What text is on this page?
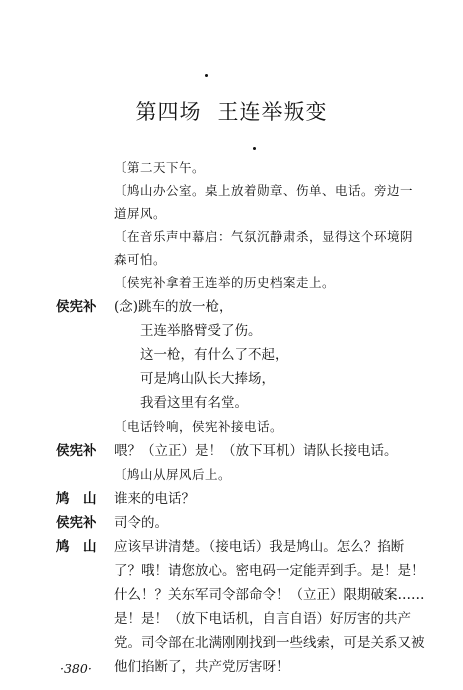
第四场 王连举叛变
〔第二天下午。
〔鸠山办公室。桌上放着勋章、伤单、电话。旁边一
道屏风。
〔在音乐声中幕启：气氛沉静肃杀，显得这个环境阴
森可怕。
〔侯宪补拿着王连举的历史档案走上。
侯宪补 (念)跳车的放一枪，
王连举胳臂受了伤。
这一枪，有什么了不起，
可是鸠山队长大捧场，
我看这里有名堂。
〔电话铃响，侯宪补接电话。
侯宪补 喂？（立正）是！（放下耳机）请队长接电话。
〔鸠山从屏风后上。
鸠　山 谁来的电话？
侯宪补 司令的。
鸠　山 应该早讲清楚。（接电话）我是鸠山。怎么？掐断
了？哦！请您放心。密电码一定能弄到手。是！是！
什么！？关东军司令部命令！（立正）限期破案……
是！是！（放下电话机，自言自语）好厉害的共产
党。司令部在北满刚刚找到一些线索，可是关系又被
他们掐断了，共产党厉害呀！
·380·
